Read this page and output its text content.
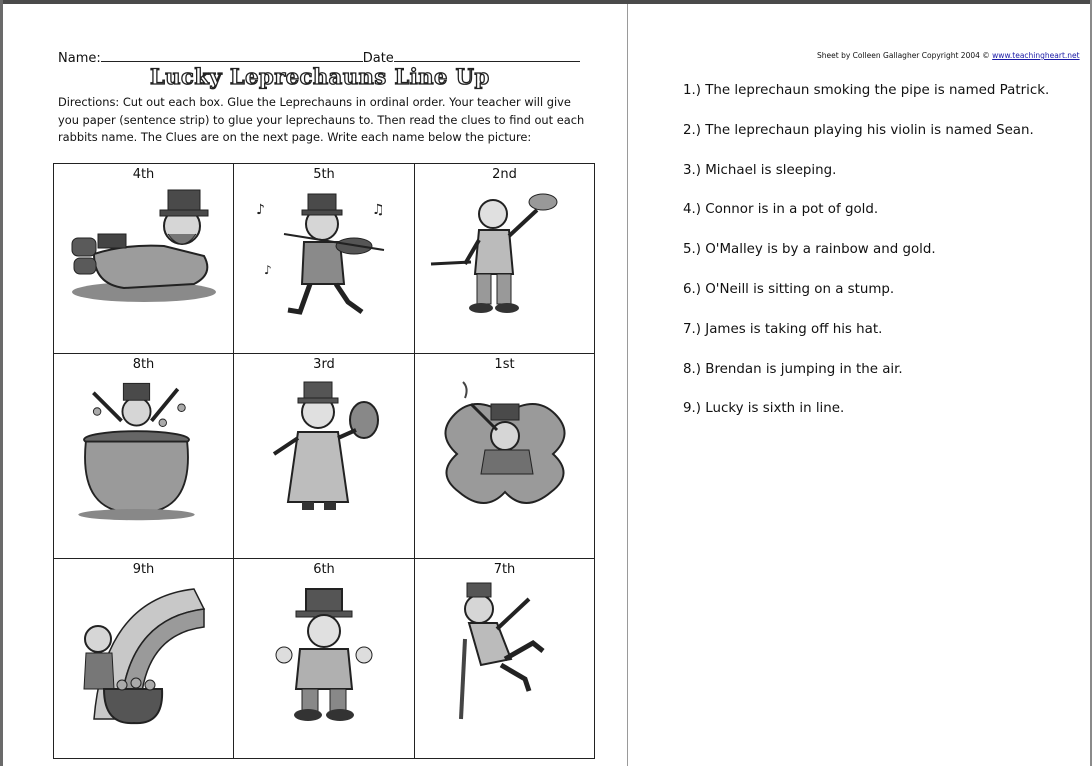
Name:	Date
Lucky Leprechauns Line Up
Directions: Cut out each box. Glue the Leprechauns in ordinal order. Your teacher will give you paper (sentence strip) to glue your leprechauns to. Then read the clues to find out each rabbits name. The Clues are on the next page. Write each name below the picture:
4th	5th
♪	♫
♪
2nd
8th	3rd	1st
9th	6th	7th
Sheet by Colleen Gallagher Copyright 2004 © www.teachingheart.net
1.) The leprechaun smoking the pipe is named Patrick.
2.) The leprechaun playing his violin is named Sean.
3.) Michael is sleeping.
4.) Connor is in a pot of gold.
5.) O'Malley is by a rainbow and gold.
6.) O'Neill is sitting on a stump.
7.) James is taking off his hat.
8.) Brendan is jumping in the air.
9.) Lucky is sixth in line.
